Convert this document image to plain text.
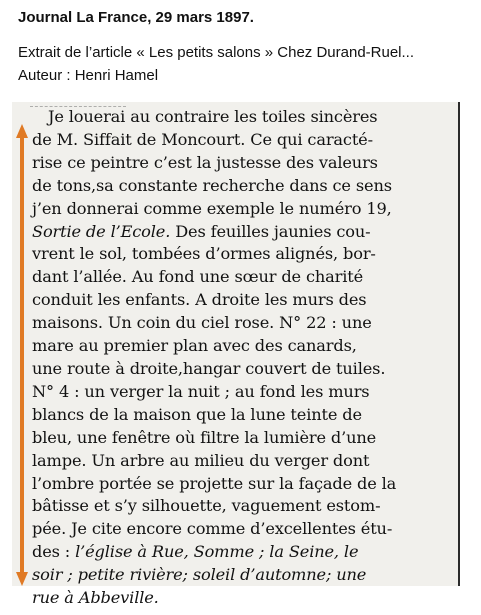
Journal La France, 29 mars 1897.

Extrait de l’article « Les petits salons » Chez Durand-Ruel...

Auteur : Henri Hamel

Je louerai au contraire les toiles sincères
de M. Siffait de Moncourt. Ce qui caracté-
rise ce peintre c’est la justesse des valeurs
de tons,sa constante recherche dans ce sens
j’en donnerai comme exemple le numéro 19,
Sortie de l’Ecole. Des feuilles jaunies cou-
vrent le sol, tombées d’ormes alignés, bor-
dant l’allée. Au fond une sœur de charité
conduit les enfants. A droite les murs des
maisons. Un coin du ciel rose. N° 22 : une
mare au premier plan avec des canards,
une route à droite,hangar couvert de tuiles.
N° 4 : un verger la nuit ; au fond les murs
blancs de la maison que la lune teinte de
bleu, une fenêtre où filtre la lumière d’une
lampe. Un arbre au milieu du verger dont
l’ombre portée se projette sur la façade de la
bâtisse et s’y silhouette, vaguement estom-
pée. Je cite encore comme d’excellentes étu-
des : l’église à Rue, Somme ; la Seine, le
soir ; petite rivière; soleil d’automne; une
rue à Abbeville.
